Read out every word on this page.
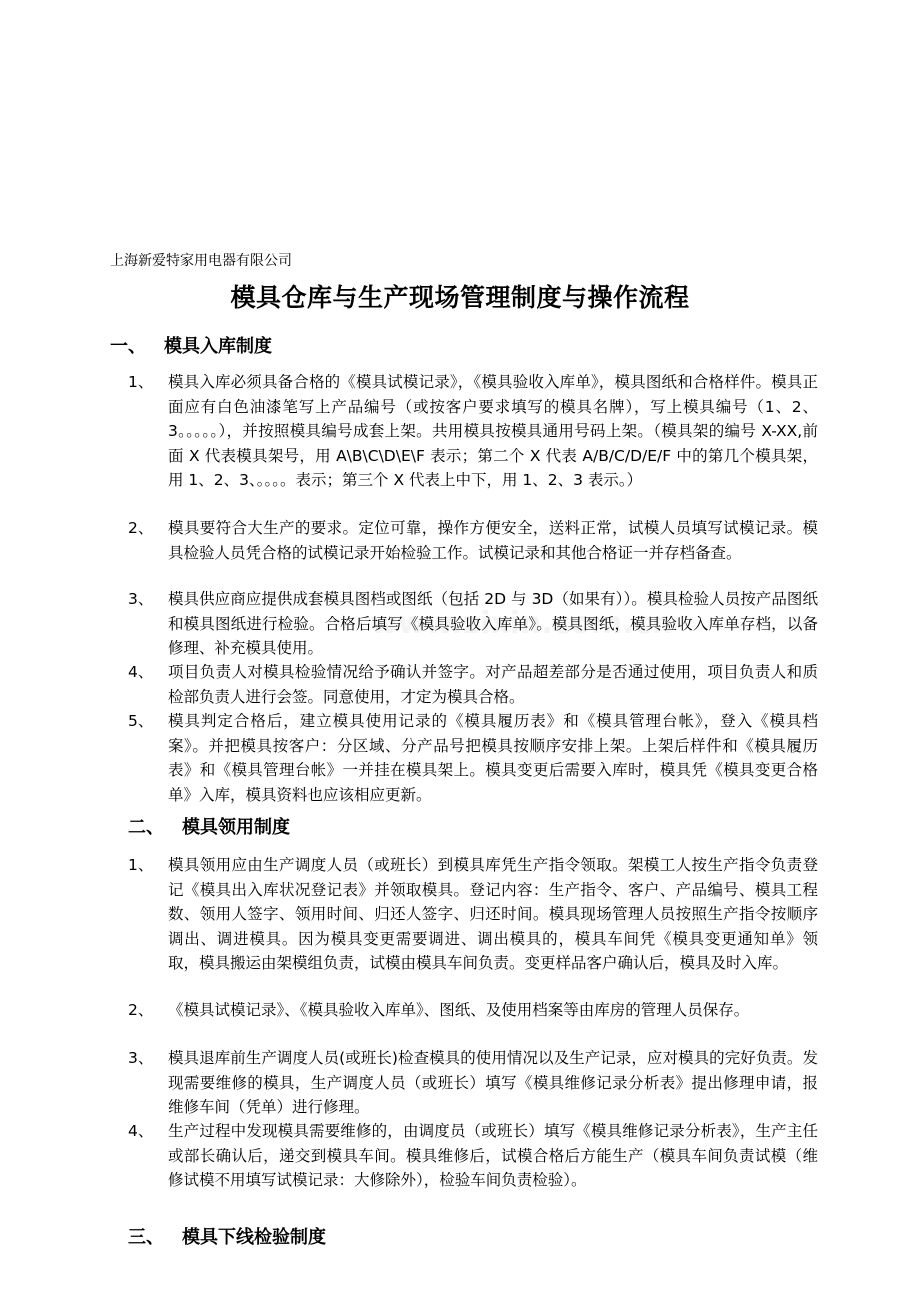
上海新爱特家用电器有限公司
模具仓库与生产现场管理制度与操作流程
一、 模具入库制度
1、 模具入库必须具备合格的《模具试模记录》，《模具验收入库单》，模具图纸和合格样件。模具正面应有白色油漆笔写上产品编号（或按客户要求填写的模具名牌），写上模具编号（1、2、3。。。。。），并按照模具编号成套上架。共用模具按模具通用号码上架。（模具架的编号 X-XX,前面 X 代表模具架号，用 A\B\C\D\E\F 表示；第二个 X 代表 A/B/C/D/E/F 中的第几个模具架，用 1、2、3、。。。。表示；第三个 X 代表上中下，用 1、2、3 表示。）
2、 模具要符合大生产的要求。定位可靠，操作方便安全，送料正常，试模人员填写试模记录。模具检验人员凭合格的试模记录开始检验工作。试模记录和其他合格证一并存档备查。
3、 模具供应商应提供成套模具图档或图纸（包括 2D 与 3D（如果有））。模具检验人员按产品图纸和模具图纸进行检验。合格后填写《模具验收入库单》。模具图纸，模具验收入库单存档，以备修理、补充模具使用。
4、 项目负责人对模具检验情况给予确认并签字。对产品超差部分是否通过使用，项目负责人和质检部负责人进行会签。同意使用，才定为模具合格。
5、 模具判定合格后，建立模具使用记录的《模具履历表》和《模具管理台帐》，登入《模具档案》。并把模具按客户：分区域、分产品号把模具按顺序安排上架。上架后样件和《模具履历表》和《模具管理台帐》一并挂在模具架上。模具变更后需要入库时，模具凭《模具变更合格单》入库，模具资料也应该相应更新。
二、 模具领用制度
1、 模具领用应由生产调度人员（或班长）到模具库凭生产指令领取。架模工人按生产指令负责登记《模具出入库状况登记表》并领取模具。登记内容：生产指令、客户、产品编号、模具工程数、领用人签字、领用时间、归还人签字、归还时间。模具现场管理人员按照生产指令按顺序调出、调进模具。因为模具变更需要调进、调出模具的，模具车间凭《模具变更通知单》领取，模具搬运由架模组负责，试模由模具车间负责。变更样品客户确认后，模具及时入库。
2、 《模具试模记录》、《模具验收入库单》、图纸、及使用档案等由库房的管理人员保存。
3、 模具退库前生产调度人员(或班长)检查模具的使用情况以及生产记录，应对模具的完好负责。发现需要维修的模具，生产调度人员（或班长）填写《模具维修记录分析表》提出修理申请，报维修车间（凭单）进行修理。
4、 生产过程中发现模具需要维修的，由调度员（或班长）填写《模具维修记录分析表》，生产主任或部长确认后，递交到模具车间。模具维修后，试模合格后方能生产（模具车间负责试模（维修试模不用填写试模记录：大修除外），检验车间负责检验）。
三、 模具下线检验制度
